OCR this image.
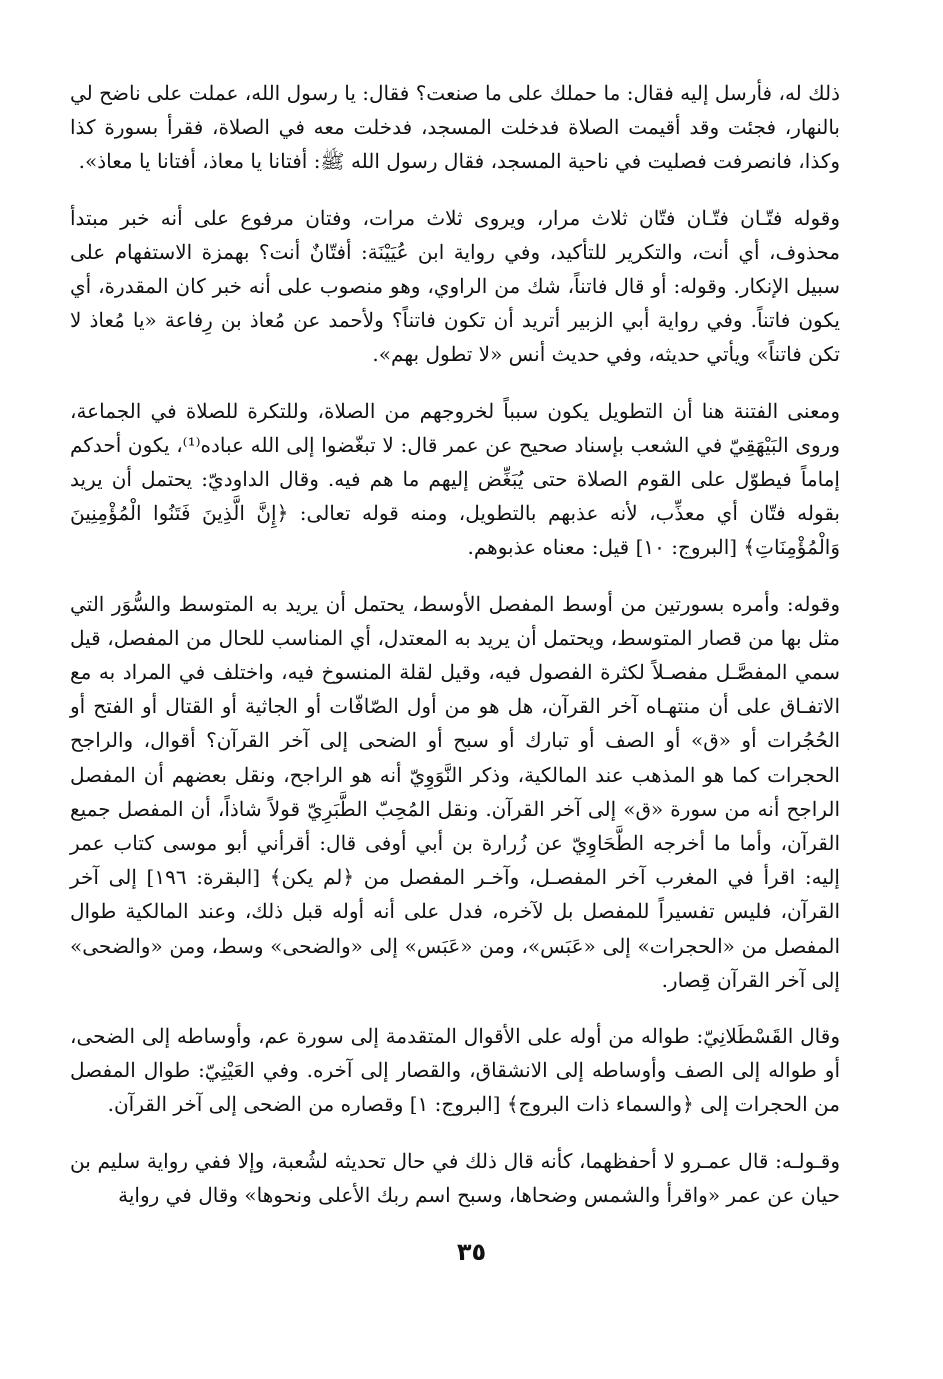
ذلك له، فأرسل إليه فقال: ما حملك على ما صنعت؟ فقال: يا رسول الله، عملت على ناضح لي بالنهار، فجئت وقد أقيمت الصلاة فدخلت المسجد، فدخلت معه في الصلاة، فقرأ بسورة كذا وكذا، فانصرفت فصليت في ناحية المسجد، فقال رسول الله ﷺ: أفتانا يا معاذ، أفتانا يا معاذ».

وقوله فتّـان فتّـان فتّان ثلاث مرار، ويروى ثلاث مرات، وفتان مرفوع على أنه خبر مبتدأ محذوف، أي أنت، والتكرير للتأكيد، وفي رواية ابن عُيَيْنَة: أفتّانٌ أنت؟ بهمزة الاستفهام على سبيل الإنكار. وقوله: أو قال فاتناً، شك من الراوي، وهو منصوب على أنه خبر كان المقدرة، أي يكون فاتناً. وفي رواية أبي الزبير أتريد أن تكون فاتناً؟ ولأحمد عن مُعاذ بن رِفاعة «يا مُعاذ لا تكن فاتناً» ويأتي حديثه، وفي حديث أنس «لا تطول بهم».

ومعنى الفتنة هنا أن التطويل يكون سبباً لخروجهم من الصلاة، وللتكرة للصلاة في الجماعة، وروى البَيْهَقِيّ في الشعب بإسناد صحيح عن عمر قال: لا تبغّضوا إلى الله عباده⁽¹⁾، يكون أحدكم إماماً فيطوّل على القوم الصلاة حتى يُبَغِّض إليهم ما هم فيه. وقال الداوديّ: يحتمل أن يريد بقوله فتّان أي معذِّب، لأنه عذبهم بالتطويل، ومنه قوله تعالى: ﴿إِنَّ الَّذِينَ فَتَنُوا الْمُؤْمِنِينَ وَالْمُؤْمِنَاتِ﴾ [البروج: ١٠] قيل: معناه عذبوهم.

وقوله: وأمره بسورتين من أوسط المفصل الأوسط، يحتمل أن يريد به المتوسط والسُّوَر التي مثل بها من قصار المتوسط، ويحتمل أن يريد به المعتدل، أي المناسب للحال من المفصل، قيل سمي المفصَّـل مفصـلاً لكثرة الفصول فيه، وقيل لقلة المنسوخ فيه، واختلف في المراد به مع الاتفـاق على أن منتهـاه آخر القرآن، هل هو من أول الصّافّات أو الجاثية أو القتال أو الفتح أو الحُجُرات أو «ق» أو الصف أو تبارك أو سبح أو الضحى إلى آخر القرآن؟ أقوال، والراجح الحجرات كما هو المذهب عند المالكية، وذكر النَّوَوِيّ أنه هو الراجح، ونقل بعضهم أن المفصل الراجح أنه من سورة «ق» إلى آخر القرآن. ونقل المُحِبّ الطَّبَرِيّ قولاً شاذاً، أن المفصل جميع القرآن، وأما ما أخرجه الطَّحَاوِيّ عن زُرارة بن أبي أوفى قال: أقرأني أبو موسى كتاب عمر إليه: اقرأ في المغرب آخر المفصـل، وآخـر المفصل من ﴿لم يكن﴾ [البقرة: ١٩٦] إلى آخر القرآن، فليس تفسيراً للمفصل بل لآخره، فدل على أنه أوله قبل ذلك، وعند المالكية طوال المفصل من «الحجرات» إلى «عَبَس»، ومن «عَبَس» إلى «والضحى» وسط، ومن «والضحى» إلى آخر القرآن قِصار.

وقال القَسْطَلانِيّ: طواله من أوله على الأقوال المتقدمة إلى سورة عم، وأوساطه إلى الضحى، أو طواله إلى الصف وأوساطه إلى الانشقاق، والقصار إلى آخره. وفي العَيْنِيّ: طوال المفصل من الحجرات إلى ﴿والسماء ذات البروج﴾ [البروج: ١] وقصاره من الضحى إلى آخر القرآن.

وقـولـه: قال عمـرو لا أحفظهما، كأنه قال ذلك في حال تحديثه لشُعبة، وإلا ففي رواية سليم بن حيان عن عمر «واقرأ والشمس وضحاها، وسبح اسم ربك الأعلى ونحوها» وقال في رواية

٣٥
